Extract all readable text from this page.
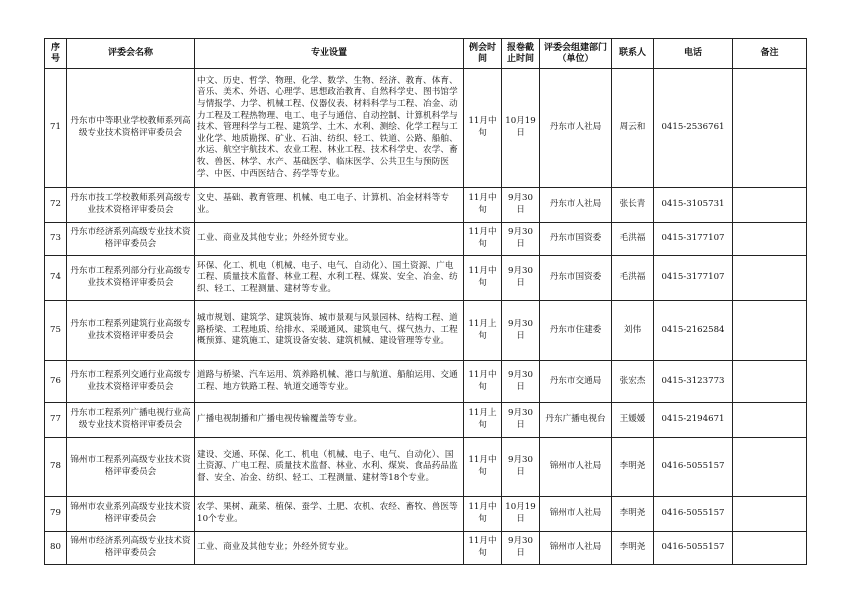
序号	评委会名称	专业设置	例会时间	报卷截止时间	评委会组建部门（单位）	联系人	电话	备注
71	丹东市中等职业学校教师系列高级专业技术资格评审委员会	中文、历史、哲学、物理、化学、数学、生物、经济、教育、体育、音乐、美术、外语、心理学、思想政治教育、自然科学史、图书馆学与情报学、力学、机械工程、仪器仪表、材料科学与工程、冶金、动力工程及工程热物理、电工、电子与通信、自动控制、计算机科学与技术、管理科学与工程、建筑学、土木、水利、测绘、化学工程与工业化学、地质勘探、矿业、石油、纺织、轻工、铁道、公路、船舶、水运、航空宇航技术、农业工程、林业工程、技术科学史、农学、畜牧、兽医、林学、水产、基础医学、临床医学、公共卫生与预防医学、中医、中西医结合、药学等专业。	11月中旬	10月19日	丹东市人社局	周云和	0415-2536761	
72	丹东市技工学校教师系列高级专业技术资格评审委员会	文史、基础、教育管理、机械、电工电子、计算机、冶金材料等专业。	11月中旬	9月30日	丹东市人社局	张长青	0415-3105731	
73	丹东市经济系列高级专业技术资格评审委员会	工业、商业及其他专业；外经外贸专业。	11月中旬	9月30日	丹东市国资委	毛洪福	0415-3177107	
74	丹东市工程系列部分行业高级专业技术资格评审委员会	环保、化工、机电（机械、电子、电气、自动化）、国土资源、广电工程、质量技术监督、林业工程、水利工程、煤炭、安全、冶金、纺织、轻工、工程测量、建材等专业。	11月中旬	9月30日	丹东市国资委	毛洪福	0415-3177107	
75	丹东市工程系列建筑行业高级专业技术资格评审委员会	城市规划、建筑学、建筑装饰、城市景观与风景园林、结构工程、道路桥梁、工程地质、给排水、采暖通风、建筑电气、煤气热力、工程概预算、建筑施工、建筑设备安装、建筑机械、建设管理等专业。	11月上旬	9月30日	丹东市住建委	刘伟	0415-2162584	
76	丹东市工程系列交通行业高级专业技术资格评审委员会	道路与桥梁、汽车运用、筑养路机械、港口与航道、船舶运用、交通工程、地方铁路工程、轨道交通等专业。	11月中旬	9月30日	丹东市交通局	张宏杰	0415-3123773	
77	丹东市工程系列广播电视行业高级专业技术资格评审委员会	广播电视制播和广播电视传输覆盖等专业。	11月上旬	9月30日	丹东广播电视台	王媛媛	0415-2194671	
78	锦州市工程系列高级专业技术资格评审委员会	建设、交通、环保、化工、机电（机械、电子、电气、自动化）、国土资源、广电工程、质量技术监督、林业、水利、煤炭、食品药品监督、安全、冶金、纺织、轻工、工程测量、建材等18个专业。	11月中旬	9月30日	锦州市人社局	李明尧	0416-5055157	
79	锦州市农业系列高级专业技术资格评审委员会	农学、果树、蔬菜、植保、蚕学、土肥、农机、农经、畜牧、兽医等10个专业。	11月中旬	10月19日	锦州市人社局	李明尧	0416-5055157	
80	锦州市经济系列高级专业技术资格评审委员会	工业、商业及其他专业；外经外贸专业。	11月中旬	9月30日	锦州市人社局	李明尧	0416-5055157	
